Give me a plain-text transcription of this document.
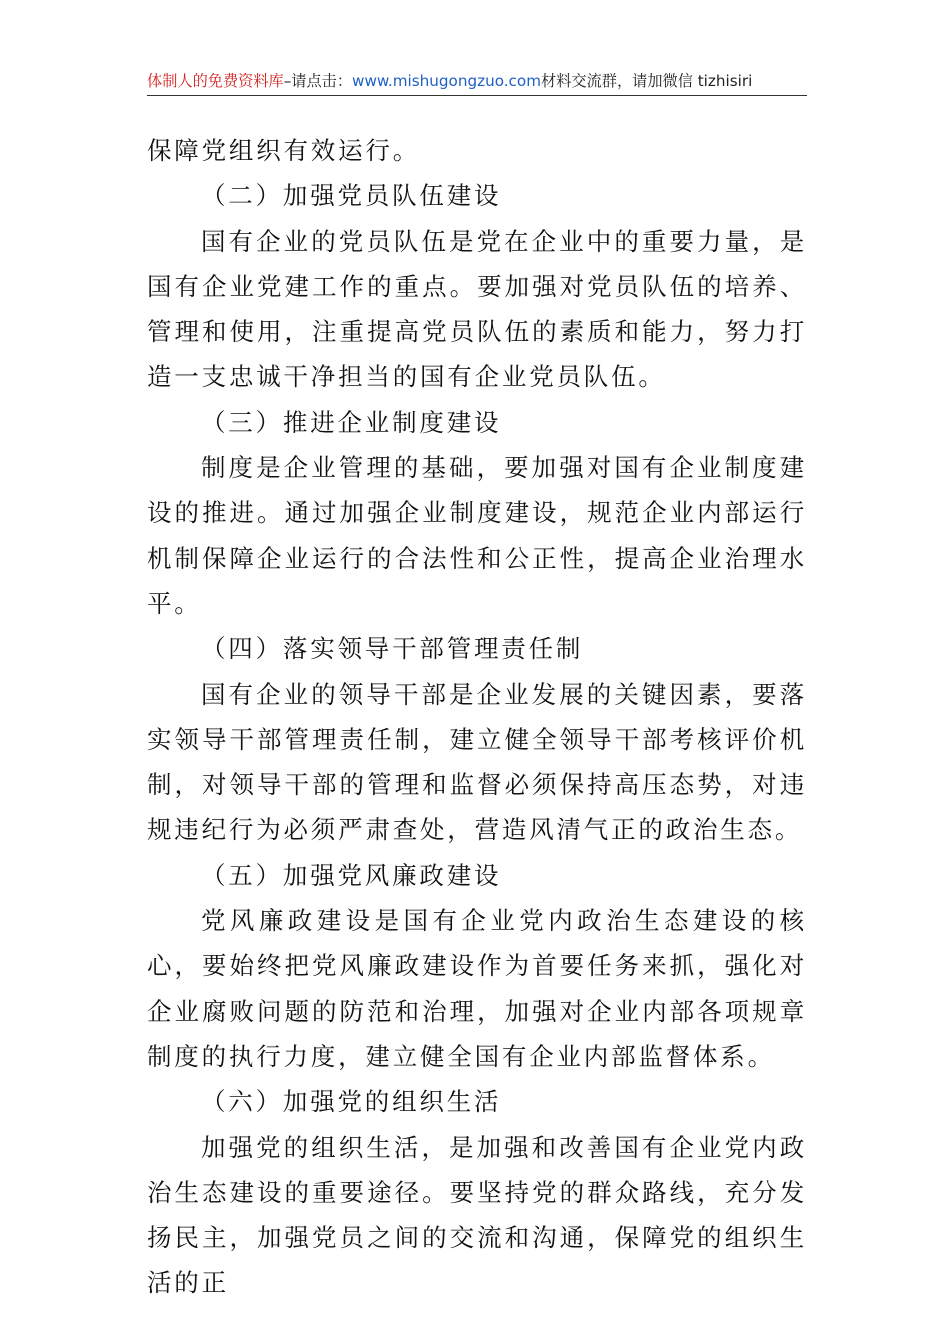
体制人的免费资料库–请点击：www.mishugongzuo.com材料交流群，请加微信 tizhisiri

保障党组织有效运行。

（二）加强党员队伍建设

国有企业的党员队伍是党在企业中的重要力量，是国有企业党建工作的重点。要加强对党员队伍的培养、管理和使用，注重提高党员队伍的素质和能力，努力打造一支忠诚干净担当的国有企业党员队伍。

（三）推进企业制度建设

制度是企业管理的基础，要加强对国有企业制度建设的推进。通过加强企业制度建设，规范企业内部运行机制保障企业运行的合法性和公正性，提高企业治理水平。

（四）落实领导干部管理责任制

国有企业的领导干部是企业发展的关键因素，要落实领导干部管理责任制，建立健全领导干部考核评价机制，对领导干部的管理和监督必须保持高压态势，对违规违纪行为必须严肃查处，营造风清气正的政治生态。

（五）加强党风廉政建设

党风廉政建设是国有企业党内政治生态建设的核心，要始终把党风廉政建设作为首要任务来抓，强化对企业腐败问题的防范和治理，加强对企业内部各项规章制度的执行力度，建立健全国有企业内部监督体系。

（六）加强党的组织生活

加强党的组织生活，是加强和改善国有企业党内政治生态建设的重要途径。要坚持党的群众路线，充分发扬民主，加强党员之间的交流和沟通，保障党的组织生活的正
